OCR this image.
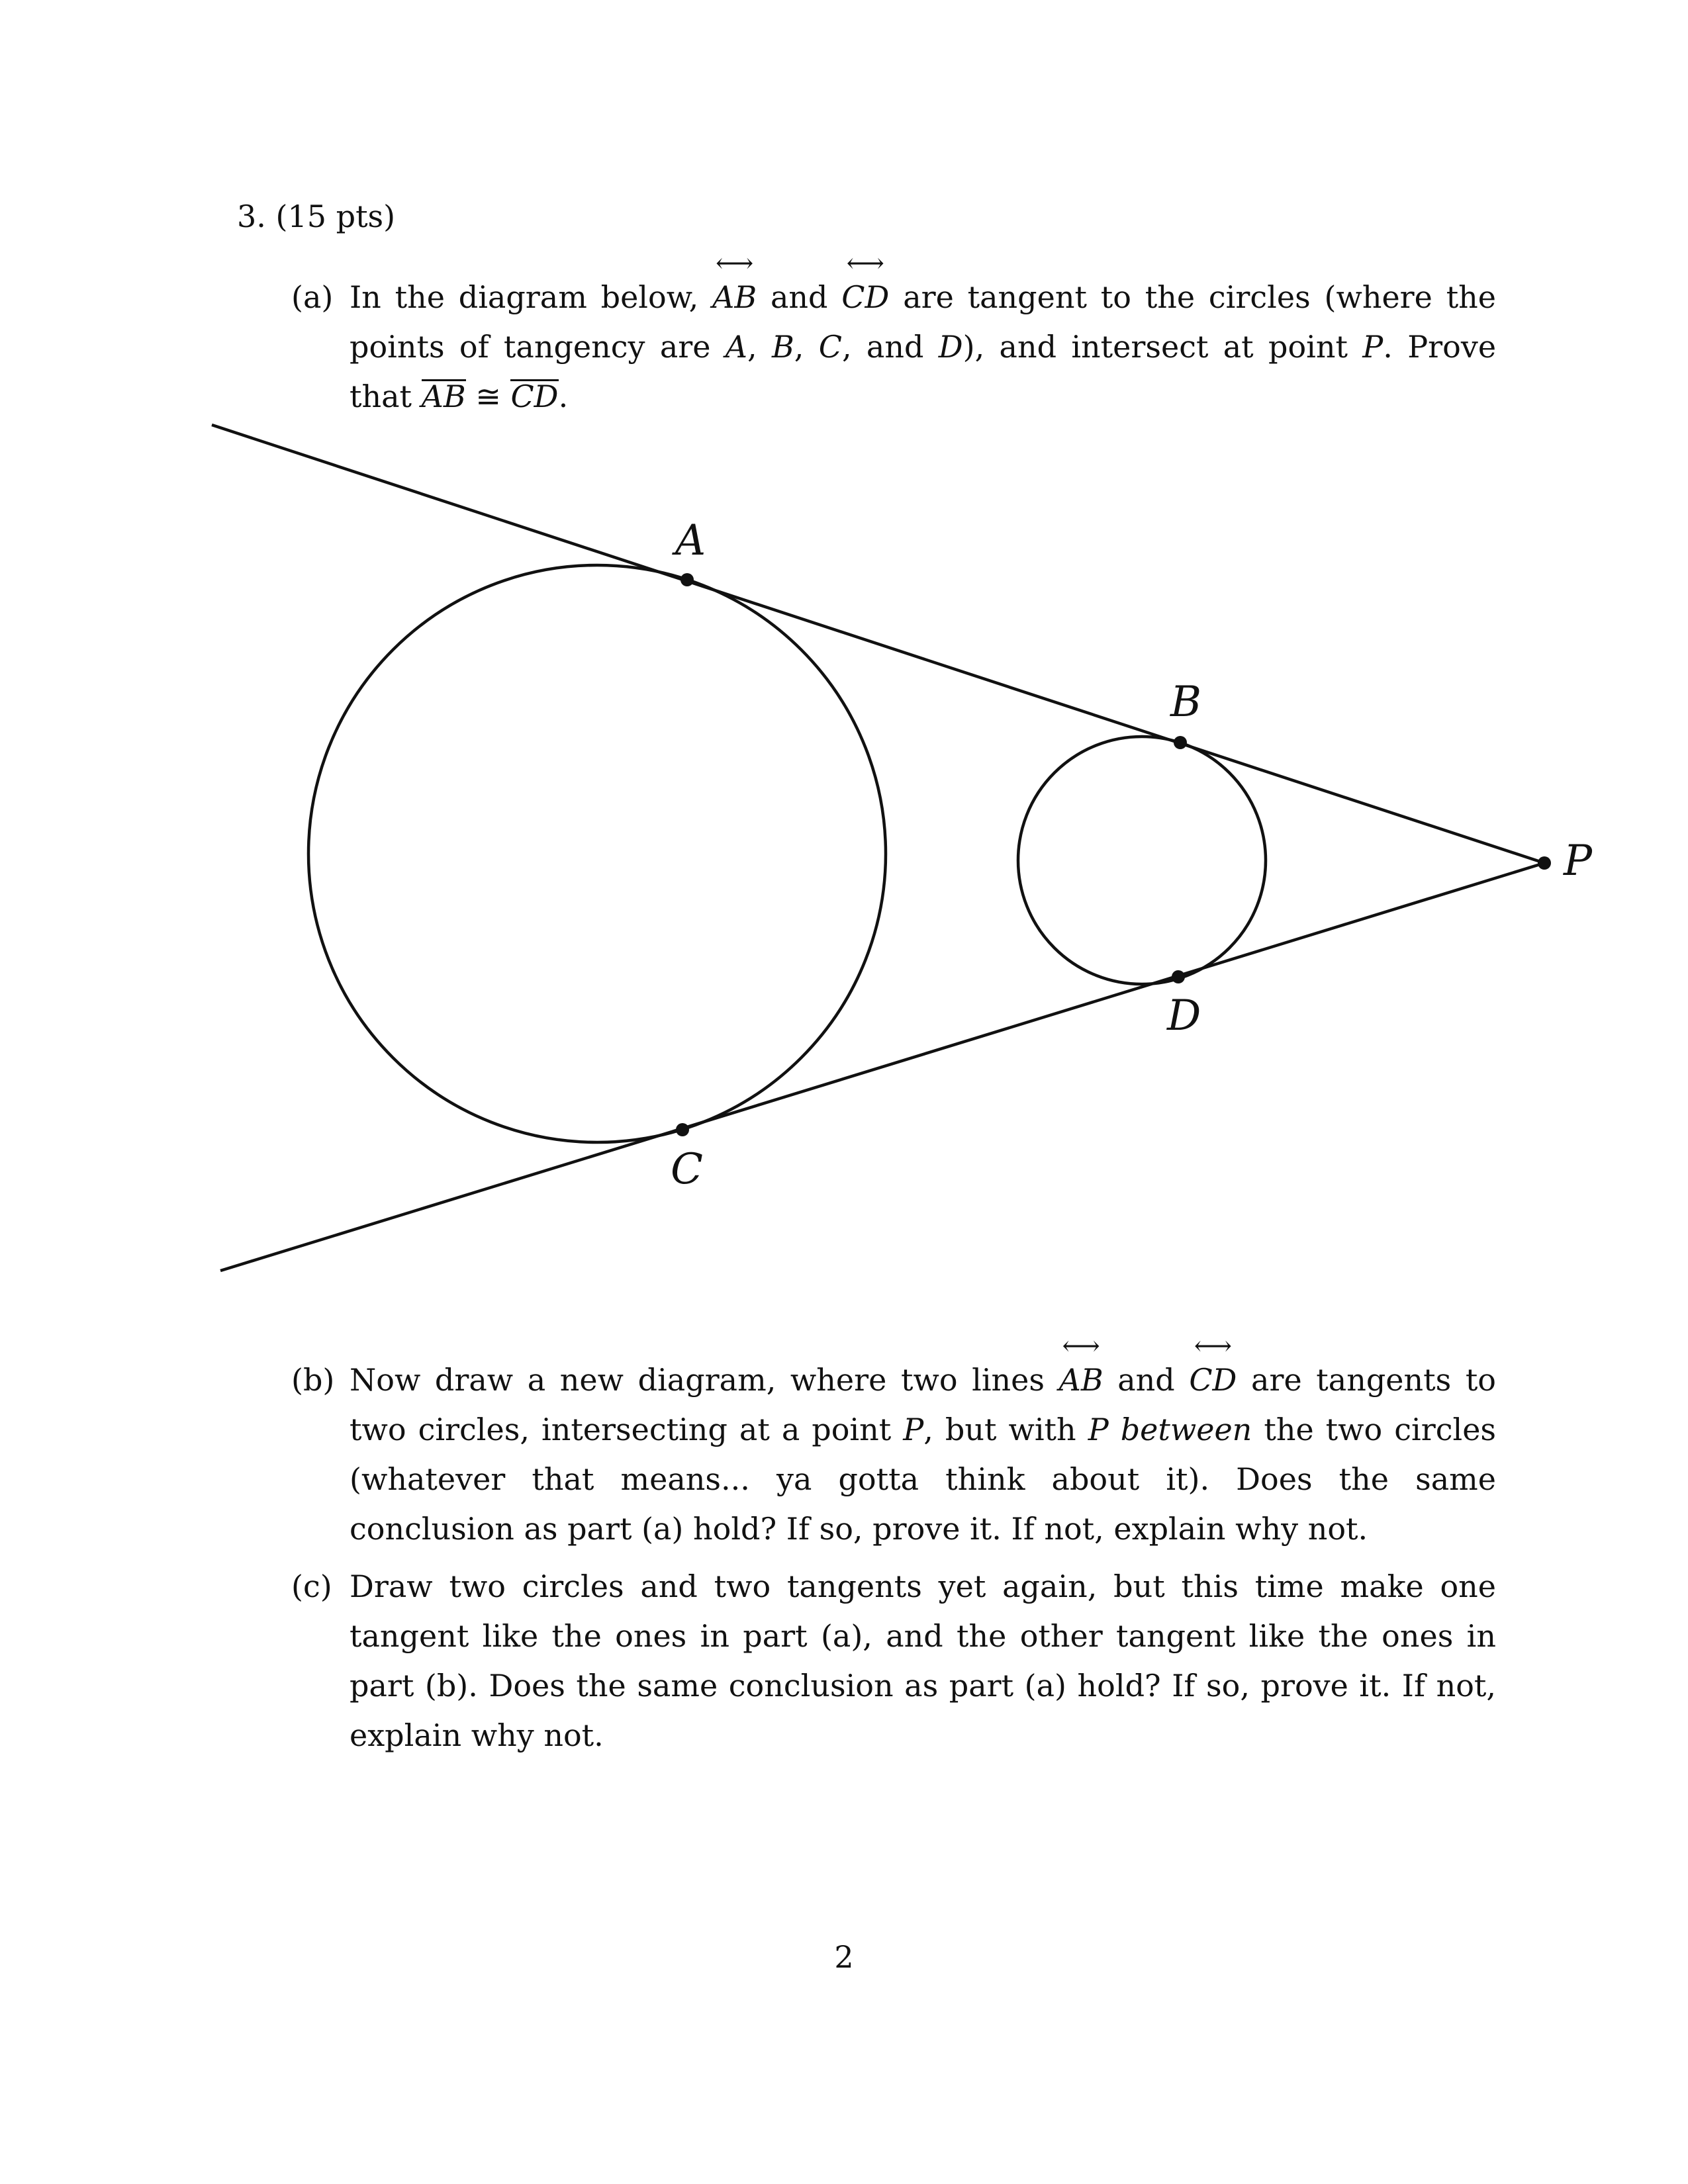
3. (15 pts)
(a) In the diagram below, ⟷ AB and ⟷ CD are tangent to the circles (where the points of tangency are A, B, C, and D), and intersect at point P. Prove that AB ≅ CD.
A
B
C
D
P
(b) Now draw a new diagram, where two lines ⟷ AB and ⟷ CD are tangents to two circles, intersecting at a point P, but with P between the two circles (whatever that means... ya gotta think about it). Does the same conclusion as part (a) hold? If so, prove it. If not, explain why not.
(c) Draw two circles and two tangents yet again, but this time make one tangent like the ones in part (a), and the other tangent like the ones in part (b). Does the same conclusion as part (a) hold? If so, prove it. If not, explain why not.
2
